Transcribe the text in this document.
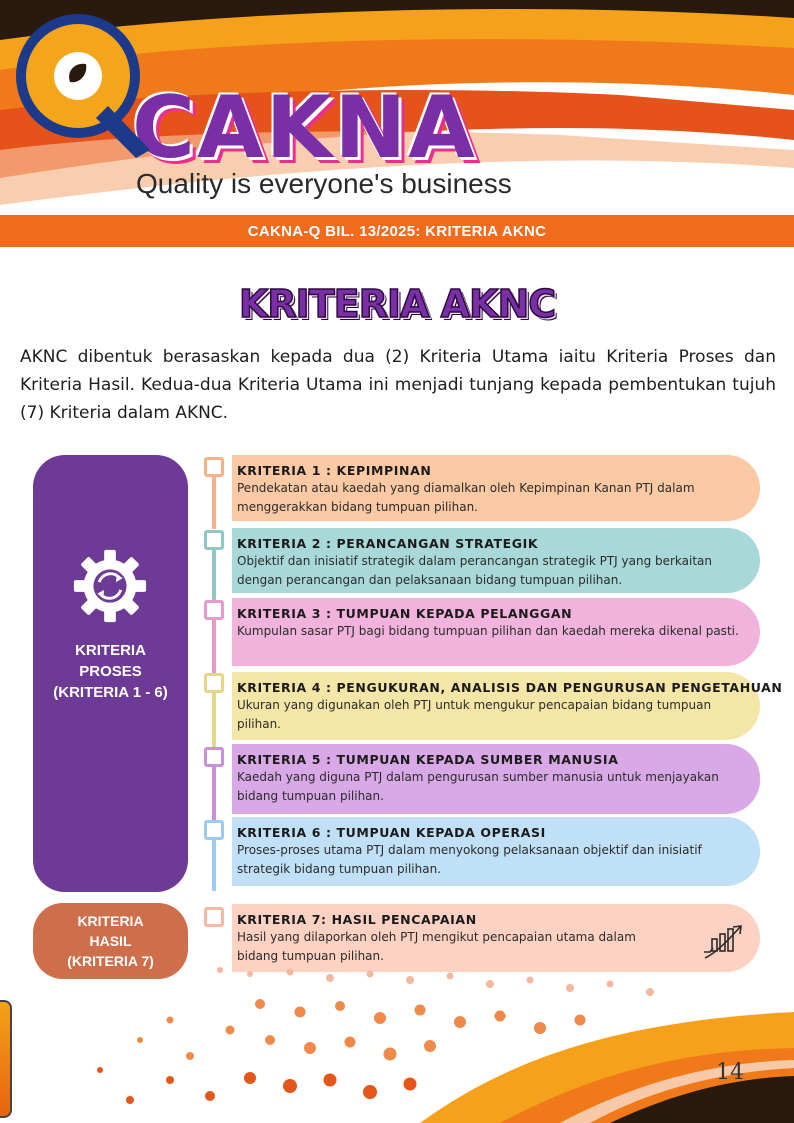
CAKNA
Quality is everyone's business
CAKNA-Q BIL. 13/2025: KRITERIA AKNC
KRITERIA AKNC

AKNC dibentuk berasaskan kepada dua (2) Kriteria Utama iaitu Kriteria Proses dan Kriteria Hasil. Kedua-dua Kriteria Utama ini menjadi tunjang kepada pembentukan tujuh (7) Kriteria dalam AKNC.

KRITERIA
PROSES
(KRITERIA 1 - 6)
KRITERIA
HASIL
(KRITERIA 7)
KRITERIA 1 : KEPIMPINAN
Pendekatan atau kaedah yang diamalkan oleh Kepimpinan Kanan PTJ dalam menggerakkan bidang tumpuan pilihan.
KRITERIA 2 : PERANCANGAN STRATEGIK
Objektif dan inisiatif strategik dalam perancangan strategik PTJ yang berkaitan dengan perancangan dan pelaksanaan bidang tumpuan pilihan.
KRITERIA 3 : TUMPUAN KEPADA PELANGGAN
Kumpulan sasar PTJ bagi bidang tumpuan pilihan dan kaedah mereka dikenal pasti.
KRITERIA 4 : PENGUKURAN, ANALISIS DAN PENGURUSAN PENGETAHUAN
Ukuran yang digunakan oleh PTJ untuk mengukur pencapaian bidang tumpuan pilihan.
KRITERIA 5 : TUMPUAN KEPADA SUMBER MANUSIA
Kaedah yang diguna PTJ dalam pengurusan sumber manusia untuk menjayakan bidang tumpuan pilihan.
KRITERIA 6 : TUMPUAN KEPADA OPERASI
Proses-proses utama PTJ dalam menyokong pelaksanaan objektif dan inisiatif strategik bidang tumpuan pilihan.
KRITERIA 7: HASIL PENCAPAIAN
Hasil yang dilaporkan oleh PTJ mengikut pencapaian utama dalam bidang tumpuan pilihan.
14
